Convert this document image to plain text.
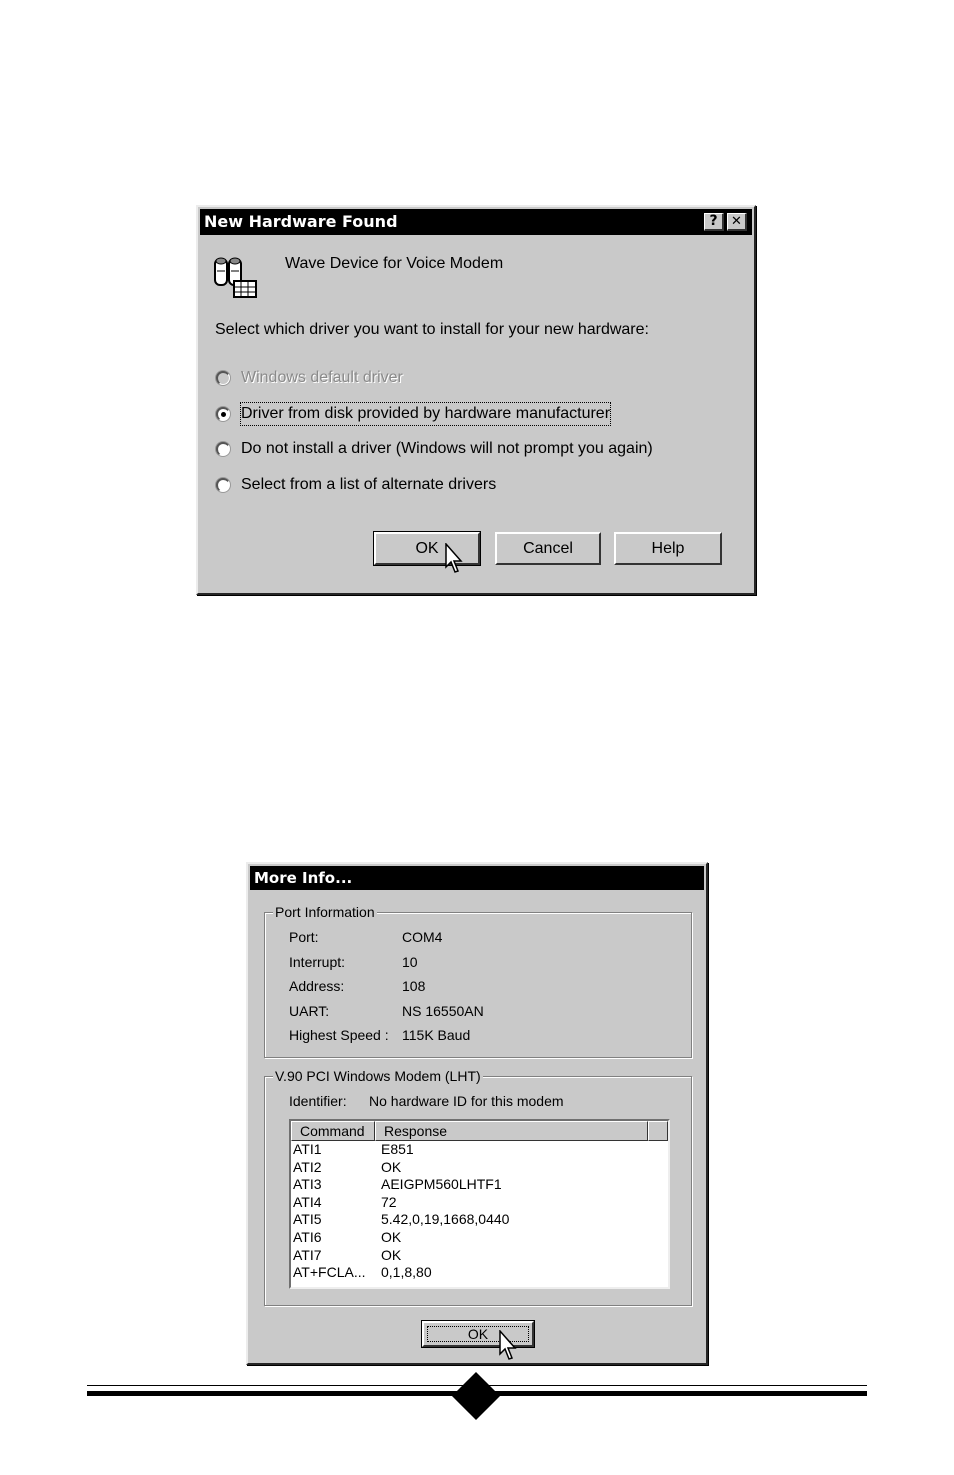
New Hardware Found	?	✕
Wave Device for Voice Modem
Select which driver you want to install for your new hardware:
Windows default driver
Driver from disk provided by hardware manufacturer
Do not install a driver (Windows will not prompt you again)
Select from a list of alternate drivers
OK	Cancel	Help
More Info...
Port Information
Port:	COM4
Interrupt:	10
Address:	108
UART:	NS 16550AN
Highest Speed : 115K Baud
V.90 PCI Windows Modem (LHT)
Identifier: No hardware ID for this modem
Command	Response
ATI1	E851
ATI2	OK
ATI3	AEIGPM560LHTF1
ATI4	72
ATI5	5.42,0,19,1668,0440
ATI6	OK
ATI7	OK
AT+FCLA... 0,1,8,80
OK
